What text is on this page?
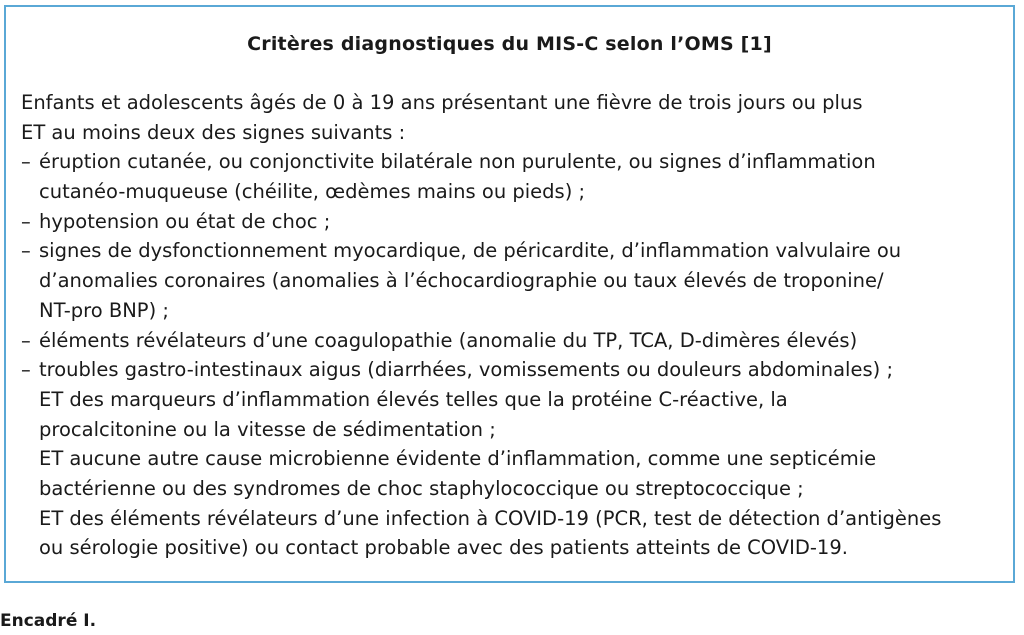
Critères diagnostiques du MIS-C selon l’OMS [1]
Enfants et adolescents âgés de 0 à 19 ans présentant une fièvre de trois jours ou plus
ET au moins deux des signes suivants :
– éruption cutanée, ou conjonctivite bilatérale non purulente, ou signes d’inflammation
cutanéo-muqueuse (chéilite, œdèmes mains ou pieds) ;
– hypotension ou état de choc ;
– signes de dysfonctionnement myocardique, de péricardite, d’inflammation valvulaire ou
d’anomalies coronaires (anomalies à l’échocardiographie ou taux élevés de troponine/
NT-pro BNP) ;
– éléments révélateurs d’une coagulopathie (anomalie du TP, TCA, D-dimères élevés)
– troubles gastro-intestinaux aigus (diarrhées, vomissements ou douleurs abdominales) ;
ET des marqueurs d’inflammation élevés telles que la protéine C-réactive, la
procalcitonine ou la vitesse de sédimentation ;
ET aucune autre cause microbienne évidente d’inflammation, comme une septicémie
bactérienne ou des syndromes de choc staphylococcique ou streptococcique ;
ET des éléments révélateurs d’une infection à COVID-19 (PCR, test de détection d’antigènes
ou sérologie positive) ou contact probable avec des patients atteints de COVID-19.
Encadré I.
